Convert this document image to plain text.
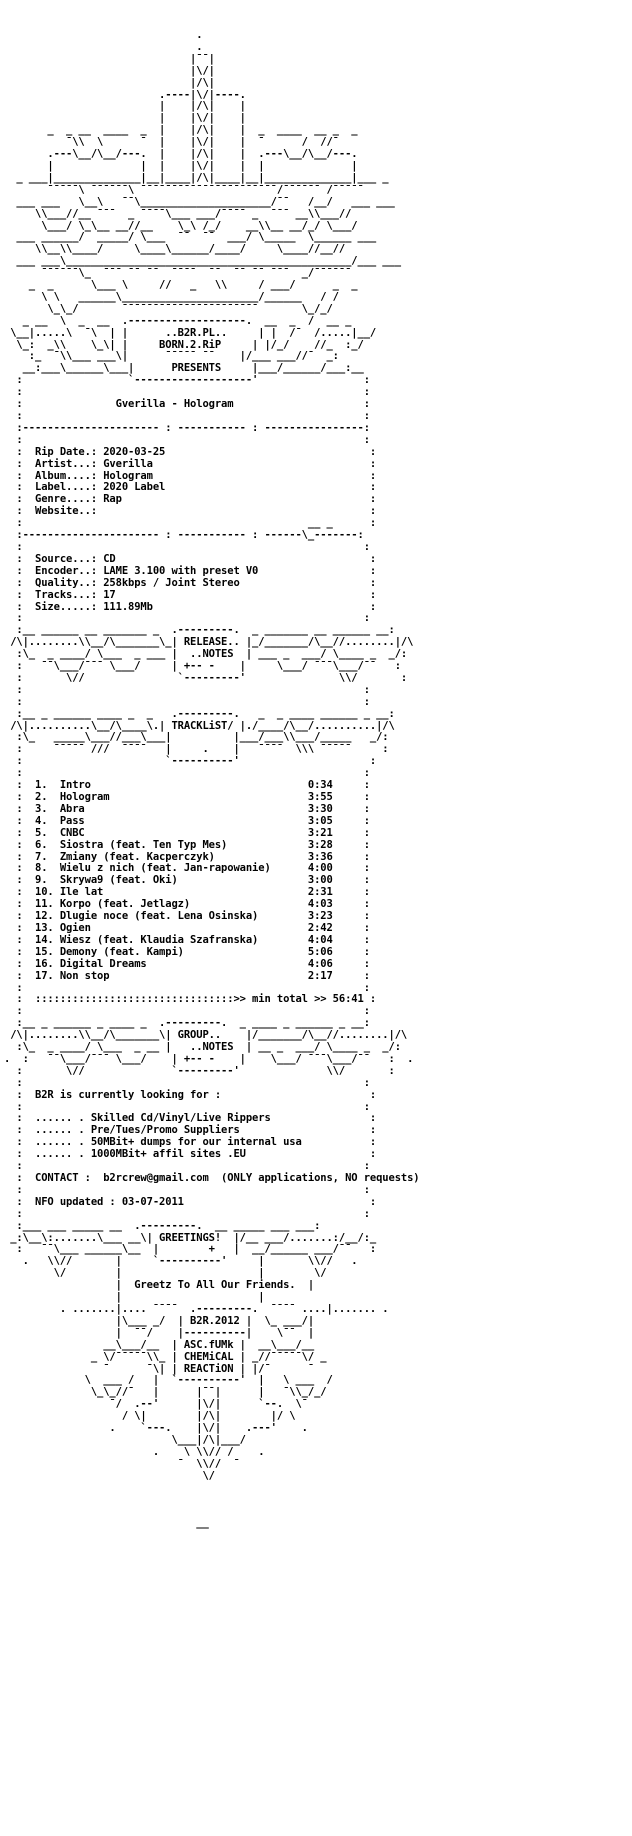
.
.
|¯¯|
|\/|
|/\|
.----|\/|----.
|    |/\|    |
|    |\/|    |
_  _ __  ____  _  |    |/\|    |  _  ____  __ _  _
¯\\  \      ¯  |    |\/|    |  ¯      /  //¯
.---\__/\__/---.  |    |/\|    |  .---\__/\__/---.
|              |  |    |\/|    |  |              |
_ ___|______________|__|____|/\|____|__|______________|___ _
¯¯¯¯¯\ ¯¯¯¯¯¯\ ¯¯¯¯¯¯¯¯¯¯¯¯¯¯¯¯¯¯¯¯¯¯/¯¯¯¯¯¯ /¯¯¯¯¯
___ ___   \__\   ¯¯\_____________________/¯¯   /__/   ___ ___
\\___//__ ¯¯¯  _ ¯¯¯¯\___ ___/¯¯¯¯ _  ¯¯¯ __\\___//
\___/ \_\__ __//__    \_\ /_/    __\\__ __/_/ \___/
___ ______/  _____/ \___  ¯¯  ¯¯  ___/ \_____  \______ ___
\\__\\____/     \____\______/____/     \____//__//
___ ___\______________________________________________/___ ___
¯¯¯¯¯¯\_  ¯¯¯ ¯¯ ¯¯  ¯¯¯¯  ¯¯  ¯¯ ¯¯ ¯¯¯  _/¯¯¯¯¯¯
_  _      \___ \     //   _   \\     / ___/      _  _
\ \   ______\______________________/______   / /
\_\_/       ¯¯¯¯¯¯¯¯¯¯¯¯¯¯¯¯¯¯¯¯¯¯       \_/_/
_ __  \  _  __  .-------------------.  __  _  /  __ _
\__|.....\  ¯\  | |      ..B2R.PL..     | |  /¯  /.....|__/
\_:  _\\    \_\| |     BORN.2.RiP     | |/_/    //_  :_/
:_  ¯\\___ ___\|      ¯¯¯¯¯ ¯¯    |/___ ___//¯  _:
__:___\______\___|      PRESENTS     |___/______/___:__
:                 `-------------------'                 :
:                                                       :
:               Gverilla - Hologram                     :
:                                                       :
:---------------------- : ----------- : ----------------:
:                                                       :
:  Rip Date.: 2020-03-25                                 :
:  Artist...: Gverilla                                   :
:  Album....: Hologram                                   :
:  Label....: 2020 Label                                 :
:  Genre....: Rap                                        :
:  Website..:                                            :
:                                              __ _      :
:---------------------- : ----------- : ------\_-------:
:                                                       :
:  Source...: CD                                         :
:  Encoder..: LAME 3.100 with preset V0                  :
:  Quality..: 258kbps / Joint Stereo                     :
:  Tracks...: 17                                         :
:  Size.....: 111.89Mb                                   :
:                                                       :
:__ ______ __ _______ _  .---------.  _ _______ __ ______ __:
/\|........\\__/\_______\_| RELEASE.. |_/_______/\__//........|/\
:\_  _ ____/ \___  _ ___ |  ..NOTES  | ___ _  ___/ \____ _  _/:
:   ¯¯\___/¯¯¯ \___/     | +-- -    |     \___/ ¯¯¯\___/¯¯   :
:       \//               `---------'               \\/       :
:                                                       :
:                                                       :
:__ _ ______ ____ _  _   .---------.   _  _ ____ ______ _ __:
/\|..........\__/\____\.| TRACKLiST/ |./____/\__/..........|/\
:\_   _____\___//___\___|          |___/___\\___/_____   _/:
:     ¯¯¯¯¯ ///  ¯¯¯¯   |     .    |   ¯¯¯¯  \\\ ¯¯¯¯¯     :
:                       `----------'                     :
:                                                       :
:  1.  Intro                                   0:34     :
:  2.  Hologram                                3:55     :
:  3.  Abra                                    3:30     :
:  4.  Pass                                    3:05     :
:  5.  CNBC                                    3:21     :
:  6.  Siostra (feat. Ten Typ Mes)             3:28     :
:  7.  Zmiany (feat. Kacperczyk)               3:36     :
:  8.  Wielu z nich (feat. Jan-rapowanie)      4:00     :
:  9.  Skrywa9 (feat. Oki)                     3:00     :
:  10. Ile lat                                 2:31     :
:  11. Korpo (feat. Jetlagz)                   4:03     :
:  12. Dlugie noce (feat. Lena Osinska)        3:23     :
:  13. Ogien                                   2:42     :
:  14. Wiesz (feat. Klaudia Szafranska)        4:04     :
:  15. Demony (feat. Kampi)                    5:06     :
:  16. Digital Dreams                          4:06     :
:  17. Non stop                                2:17     :
:                                                       :
:  ::::::::::::::::::::::::::::::::>> min total >> 56:41 :
:                                                       :
:__ _ ______ _ ____ _  .---------.  _ ____ _ ______ _ __:
/\|........\\__/\_______\| GROUP..    |/_______/\__//........|/\
:\_  _ ____/ \___  _ __ |   ..NOTES  | __ _  ___/ \____ _  _/:
.  :   ¯¯\___/¯¯¯ \___/    | +-- -    |    \___/ ¯¯¯\___/¯¯   :  .
:       \//              `---------'              \\/       :
:                                                       :
:  B2R is currently looking for :                        :
:                                                       :
:  ...... . Skilled Cd/Vinyl/Live Rippers                :
:  ...... . Pre/Tues/Promo Suppliers                     :
:  ...... . 50MBit+ dumps for our internal usa           :
:  ...... . 1000MBit+ affil sites .EU                    :
:                                                       :
:  CONTACT :  b2rcrew@gmail.com  (ONLY applications, NO requests)
:                                                       :
:  NFO updated : 03-07-2011                              :
:                                                       :
:___ ___ _____ __  .---------.  __ _____ ___ ___:
_:\__\:.......\___ __\| GREETINGS!  |/__ ___/.......:/__/:_
:   ¯¯\___ ______\__  |        +   |  __/______ ___/¯¯   :
.   \\//       |     `----------'     |       \\//   .
\/        |                      |        \/
|  Greetz To All Our Friends.  |
|                      |
. .......|.... ¯¯¯¯  .---------.  ¯¯¯¯ ....|....... .
|\___ _/  | B2R.2012 |  \_ ___/|
|  ¯¯/    |----------|    \¯¯  |
__\___/__  | ASC.fUMk |  __\___/__
_ \/¯¯¯¯¯\\_ | CHEMiCAL | _//¯¯¯¯¯\/ _
¯      ¯\| | REACTiON | |/¯      ¯
\  ___ /   |  `----------'  |   \ ___  /
\_\_//¯   |      |¯¯|      |   ¯\\_/_/
¯/  .--'      |\/|      `--.  \¯
/ \|        |/\|        |/ \
.    `---.    |\/|    .---'    .
\___|/\|___/
.    \ \\// /    .
¯  \\//  ¯
\/

__
